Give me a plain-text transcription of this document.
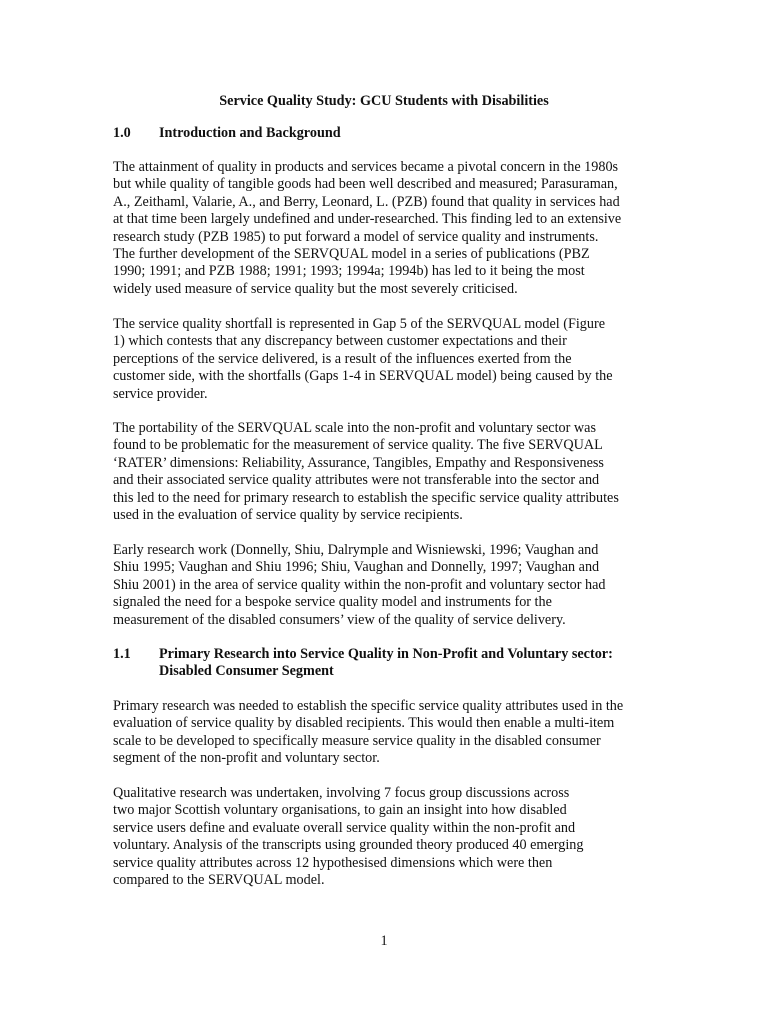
Service Quality Study: GCU Students with Disabilities
1.0 Introduction and Background
The attainment of quality in products and services became a pivotal concern in the 1980s
but while quality of tangible goods had been well described and measured; Parasuraman,
A., Zeithaml, Valarie, A., and Berry, Leonard, L. (PZB) found that quality in services had
at that time been largely undefined and under-researched. This finding led to an extensive
research study (PZB 1985) to put forward a model of service quality and instruments.
The further development of the SERVQUAL model in a series of publications (PBZ
1990; 1991; and PZB 1988; 1991; 1993; 1994a; 1994b) has led to it being the most
widely used measure of service quality but the most severely criticised.
The service quality shortfall is represented in Gap 5 of the SERVQUAL model (Figure
1) which contests that any discrepancy between customer expectations and their
perceptions of the service delivered, is a result of the influences exerted from the
customer side, with the shortfalls (Gaps 1-4 in SERVQUAL model) being caused by the
service provider.
The portability of the SERVQUAL scale into the non-profit and voluntary sector was
found to be problematic for the measurement of service quality. The five SERVQUAL
‘RATER’ dimensions: Reliability, Assurance, Tangibles, Empathy and Responsiveness
and their associated service quality attributes were not transferable into the sector and
this led to the need for primary research to establish the specific service quality attributes
used in the evaluation of service quality by service recipients.
Early research work (Donnelly, Shiu, Dalrymple and Wisniewski, 1996; Vaughan and
Shiu 1995; Vaughan and Shiu 1996; Shiu, Vaughan and Donnelly, 1997; Vaughan and
Shiu 2001) in the area of service quality within the non-profit and voluntary sector had
signaled the need for a bespoke service quality model and instruments for the
measurement of the disabled consumers’ view of the quality of service delivery.
1.1 Primary Research into Service Quality in Non-Profit and Voluntary sector:
Disabled Consumer Segment
Primary research was needed to establish the specific service quality attributes used in the
evaluation of service quality by disabled recipients. This would then enable a multi-item
scale to be developed to specifically measure service quality in the disabled consumer
segment of the non-profit and voluntary sector.
Qualitative research was undertaken, involving 7 focus group discussions across
two major Scottish voluntary organisations, to gain an insight into how disabled
service users define and evaluate overall service quality within the non-profit and
voluntary. Analysis of the transcripts using grounded theory produced 40 emerging
service quality attributes across 12 hypothesised dimensions which were then
compared to the SERVQUAL model.
1
